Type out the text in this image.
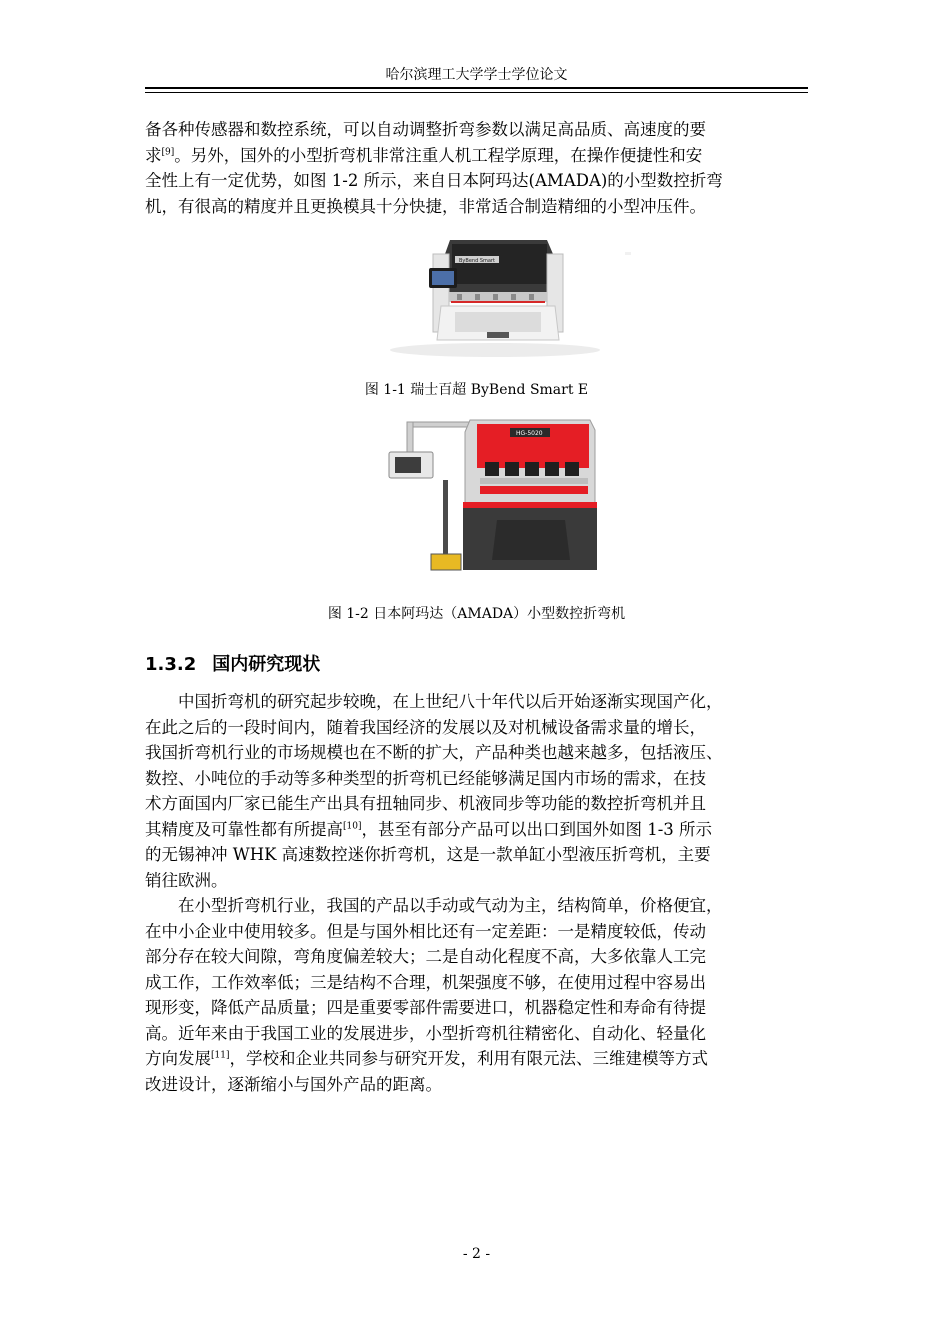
哈尔滨理工大学学士学位论文
备各种传感器和数控系统，可以自动调整折弯参数以满足高品质、高速度的要
求[9]。另外，国外的小型折弯机非常注重人机工程学原理，在操作便捷性和安
全性上有一定优势，如图 1-2 所示，来自日本阿玛达(AMADA)的小型数控折弯
机，有很高的精度并且更换模具十分快捷，非常适合制造精细的小型冲压件。
ByBend Smart
图 1-1 瑞士百超 ByBend Smart E
HG-5020
图 1-2 日本阿玛达（AMADA）小型数控折弯机
1.3.2 国内研究现状
中国折弯机的研究起步较晚，在上世纪八十年代以后开始逐渐实现国产化，
在此之后的一段时间内，随着我国经济的发展以及对机械设备需求量的增长，
我国折弯机行业的市场规模也在不断的扩大，产品种类也越来越多，包括液压、
数控、小吨位的手动等多种类型的折弯机已经能够满足国内市场的需求，在技
术方面国内厂家已能生产出具有扭轴同步、机液同步等功能的数控折弯机并且
其精度及可靠性都有所提高[10]，甚至有部分产品可以出口到国外如图 1-3 所示
的无锡神冲 WHK 高速数控迷你折弯机，这是一款单缸小型液压折弯机，主要
销往欧洲。
在小型折弯机行业，我国的产品以手动或气动为主，结构简单，价格便宜，
在中小企业中使用较多。但是与国外相比还有一定差距：一是精度较低，传动
部分存在较大间隙，弯角度偏差较大；二是自动化程度不高，大多依靠人工完
成工作，工作效率低；三是结构不合理，机架强度不够，在使用过程中容易出
现形变，降低产品质量；四是重要零部件需要进口，机器稳定性和寿命有待提
高。近年来由于我国工业的发展进步，小型折弯机往精密化、自动化、轻量化
方向发展[11]，学校和企业共同参与研究开发，利用有限元法、三维建模等方式
改进设计，逐渐缩小与国外产品的距离。
- 2 -
